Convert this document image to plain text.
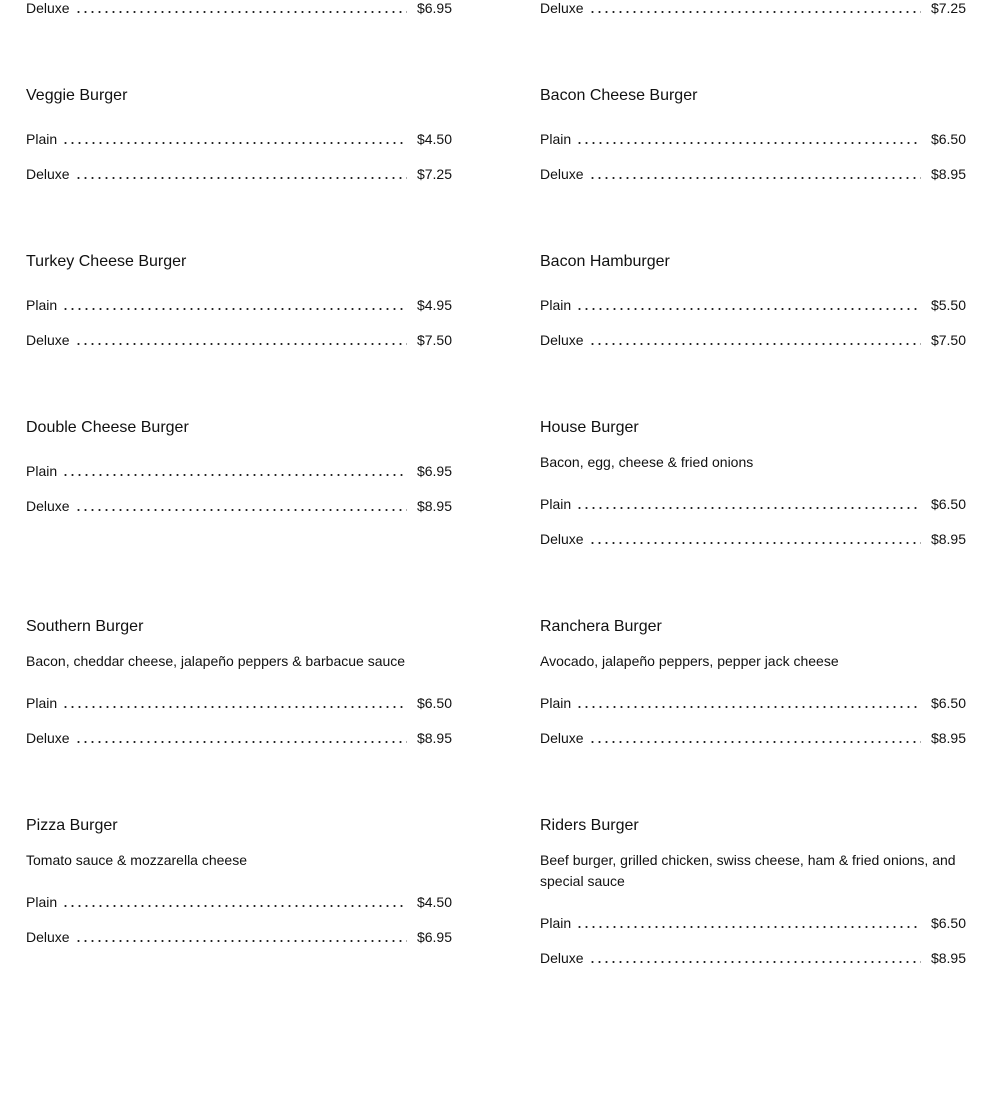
Deluxe	$6.95
Veggie Burger
Plain	$4.50
Deluxe	$7.25
Turkey Cheese Burger
Plain	$4.95
Deluxe	$7.50
Double Cheese Burger
Plain	$6.95
Deluxe	$8.95
Southern Burger
Bacon, cheddar cheese, jalapeño peppers & barbacue sauce
Plain	$6.50
Deluxe	$8.95
Pizza Burger
Tomato sauce & mozzarella cheese
Plain	$4.50
Deluxe	$6.95
Deluxe	$7.25
Bacon Cheese Burger
Plain	$6.50
Deluxe	$8.95
Bacon Hamburger
Plain	$5.50
Deluxe	$7.50
House Burger
Bacon, egg, cheese & fried onions
Plain	$6.50
Deluxe	$8.95
Ranchera Burger
Avocado, jalapeño peppers, pepper jack cheese
Plain	$6.50
Deluxe	$8.95
Riders Burger
Beef burger, grilled chicken, swiss cheese, ham & fried onions, and special sauce
Plain	$6.50
Deluxe	$8.95
